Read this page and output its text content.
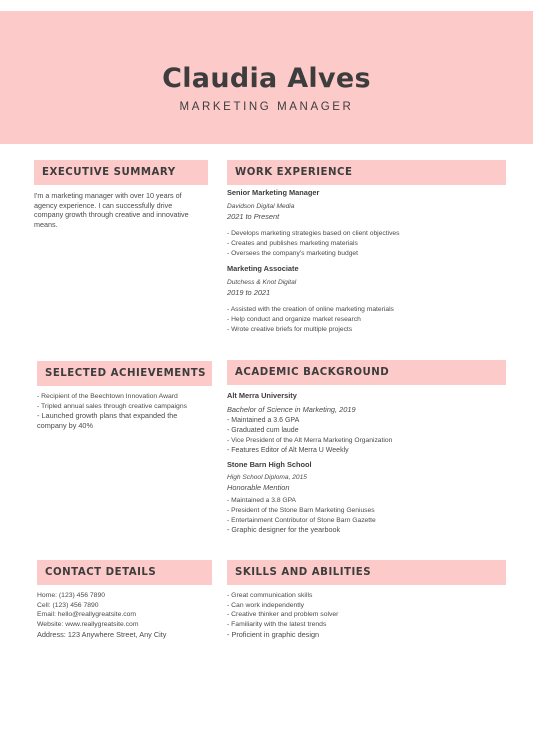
Claudia Alves
MARKETING MANAGER
EXECUTIVE SUMMARY
I'm a marketing manager with over 10 years of
agency experience. I can successfully drive
company growth through creative and innovative
means.
WORK EXPERIENCE
Senior Marketing Manager
Davidson Digital Media
2021 to Present
- Develops marketing strategies based on client objectives
- Creates and publishes marketing materials
- Oversees the company's marketing budget
Marketing Associate
Dutchess & Knot Digital
2019 to 2021
- Assisted with the creation of online marketing materials
- Help conduct and organize market research
- Wrote creative briefs for multiple projects
SELECTED ACHIEVEMENTS
- Recipient of the Beechtown Innovation Award
- Tripled annual sales through creative campaigns
- Launched growth plans that expanded the
company by 40%
ACADEMIC BACKGROUND
Alt Merra University
Bachelor of Science in Marketing, 2019
- Maintained a 3.6 GPA
- Graduated cum laude
- Vice President of the Alt Merra Marketing Organization
- Features Editor of Alt Merra U Weekly
Stone Barn High School
High School Diploma, 2015
Honorable Mention
- Maintained a 3.8 GPA
- President of the Stone Barn Marketing Geniuses
- Entertainment Contributor of Stone Barn Gazette
- Graphic designer for the yearbook
CONTACT DETAILS
Home: (123) 456 7890
Cell: (123) 456 7890
Email: hello@reallygreatsite.com
Website: www.reallygreatsite.com
Address: 123 Anywhere Street, Any City
SKILLS AND ABILITIES
- Great communication skills
- Can work independently
- Creative thinker and problem solver
- Familiarity with the latest trends
- Proficient in graphic design
